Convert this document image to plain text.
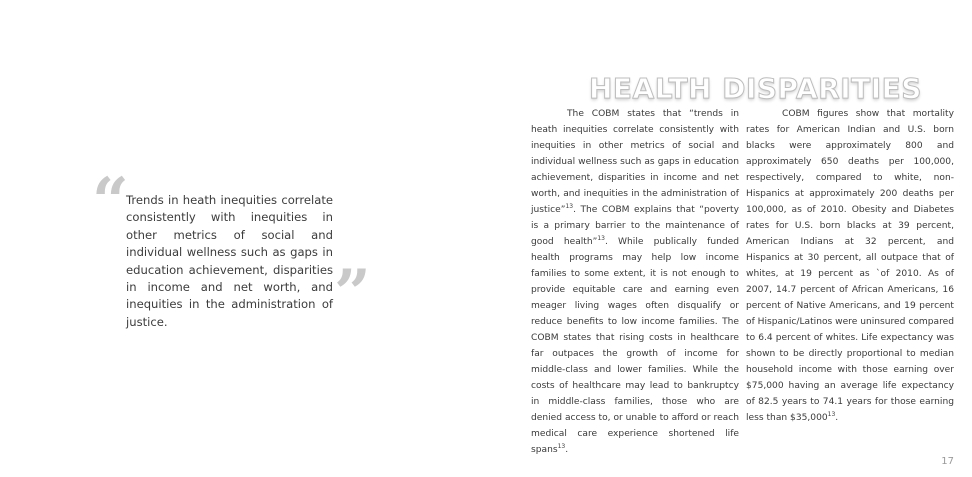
“
Trends in heath inequities correlate consistently with inequities in other metrics of social and individual wellness such as gaps in education achievement, disparities in income and net worth, and inequities in the administration of justice.	”
HEALTH DISPARITIES

The COBM states that “trends in heath inequities correlate consistently with inequities in other metrics of social and individual wellness such as gaps in education achievement, disparities in income and net worth, and inequities in the administration of justice”$^{13}$. The COBM explains that “poverty is a primary barrier to the maintenance of good health”$^{13}$. While publically funded health programs may help low income families to some extent, it is not enough to provide equitable care and earning even meager living wages often disqualify or reduce benefits to low income families. The COBM states that rising costs in healthcare far outpaces the growth of income for middle-class and lower families. While the costs of healthcare may lead to bankruptcy in middle-class families, those who are denied access to, or unable to afford or reach medical care experience shortened life spans$^{13}$.

COBM figures show that mortality rates for American Indian and U.S. born blacks were approximately 800 and approximately 650 deaths per 100,000, respectively, compared to white, non-Hispanics at approximately 200 deaths per 100,000, as of 2010. Obesity and Diabetes rates for U.S. born blacks at 39 percent, American Indians at 32 percent, and Hispanics at 30 percent, all outpace that of whites, at 19 percent as `of 2010. As of 2007, 14.7 percent of African Americans, 16 percent of Native Americans, and 19 percent of Hispanic/Latinos were uninsured compared to 6.4 percent of whites. Life expectancy was shown to be directly proportional to median household income with those earning over $75,000 having an average life expectancy of 82.5 years to 74.1 years for those earning less than $35,000$^{13}$.

17
